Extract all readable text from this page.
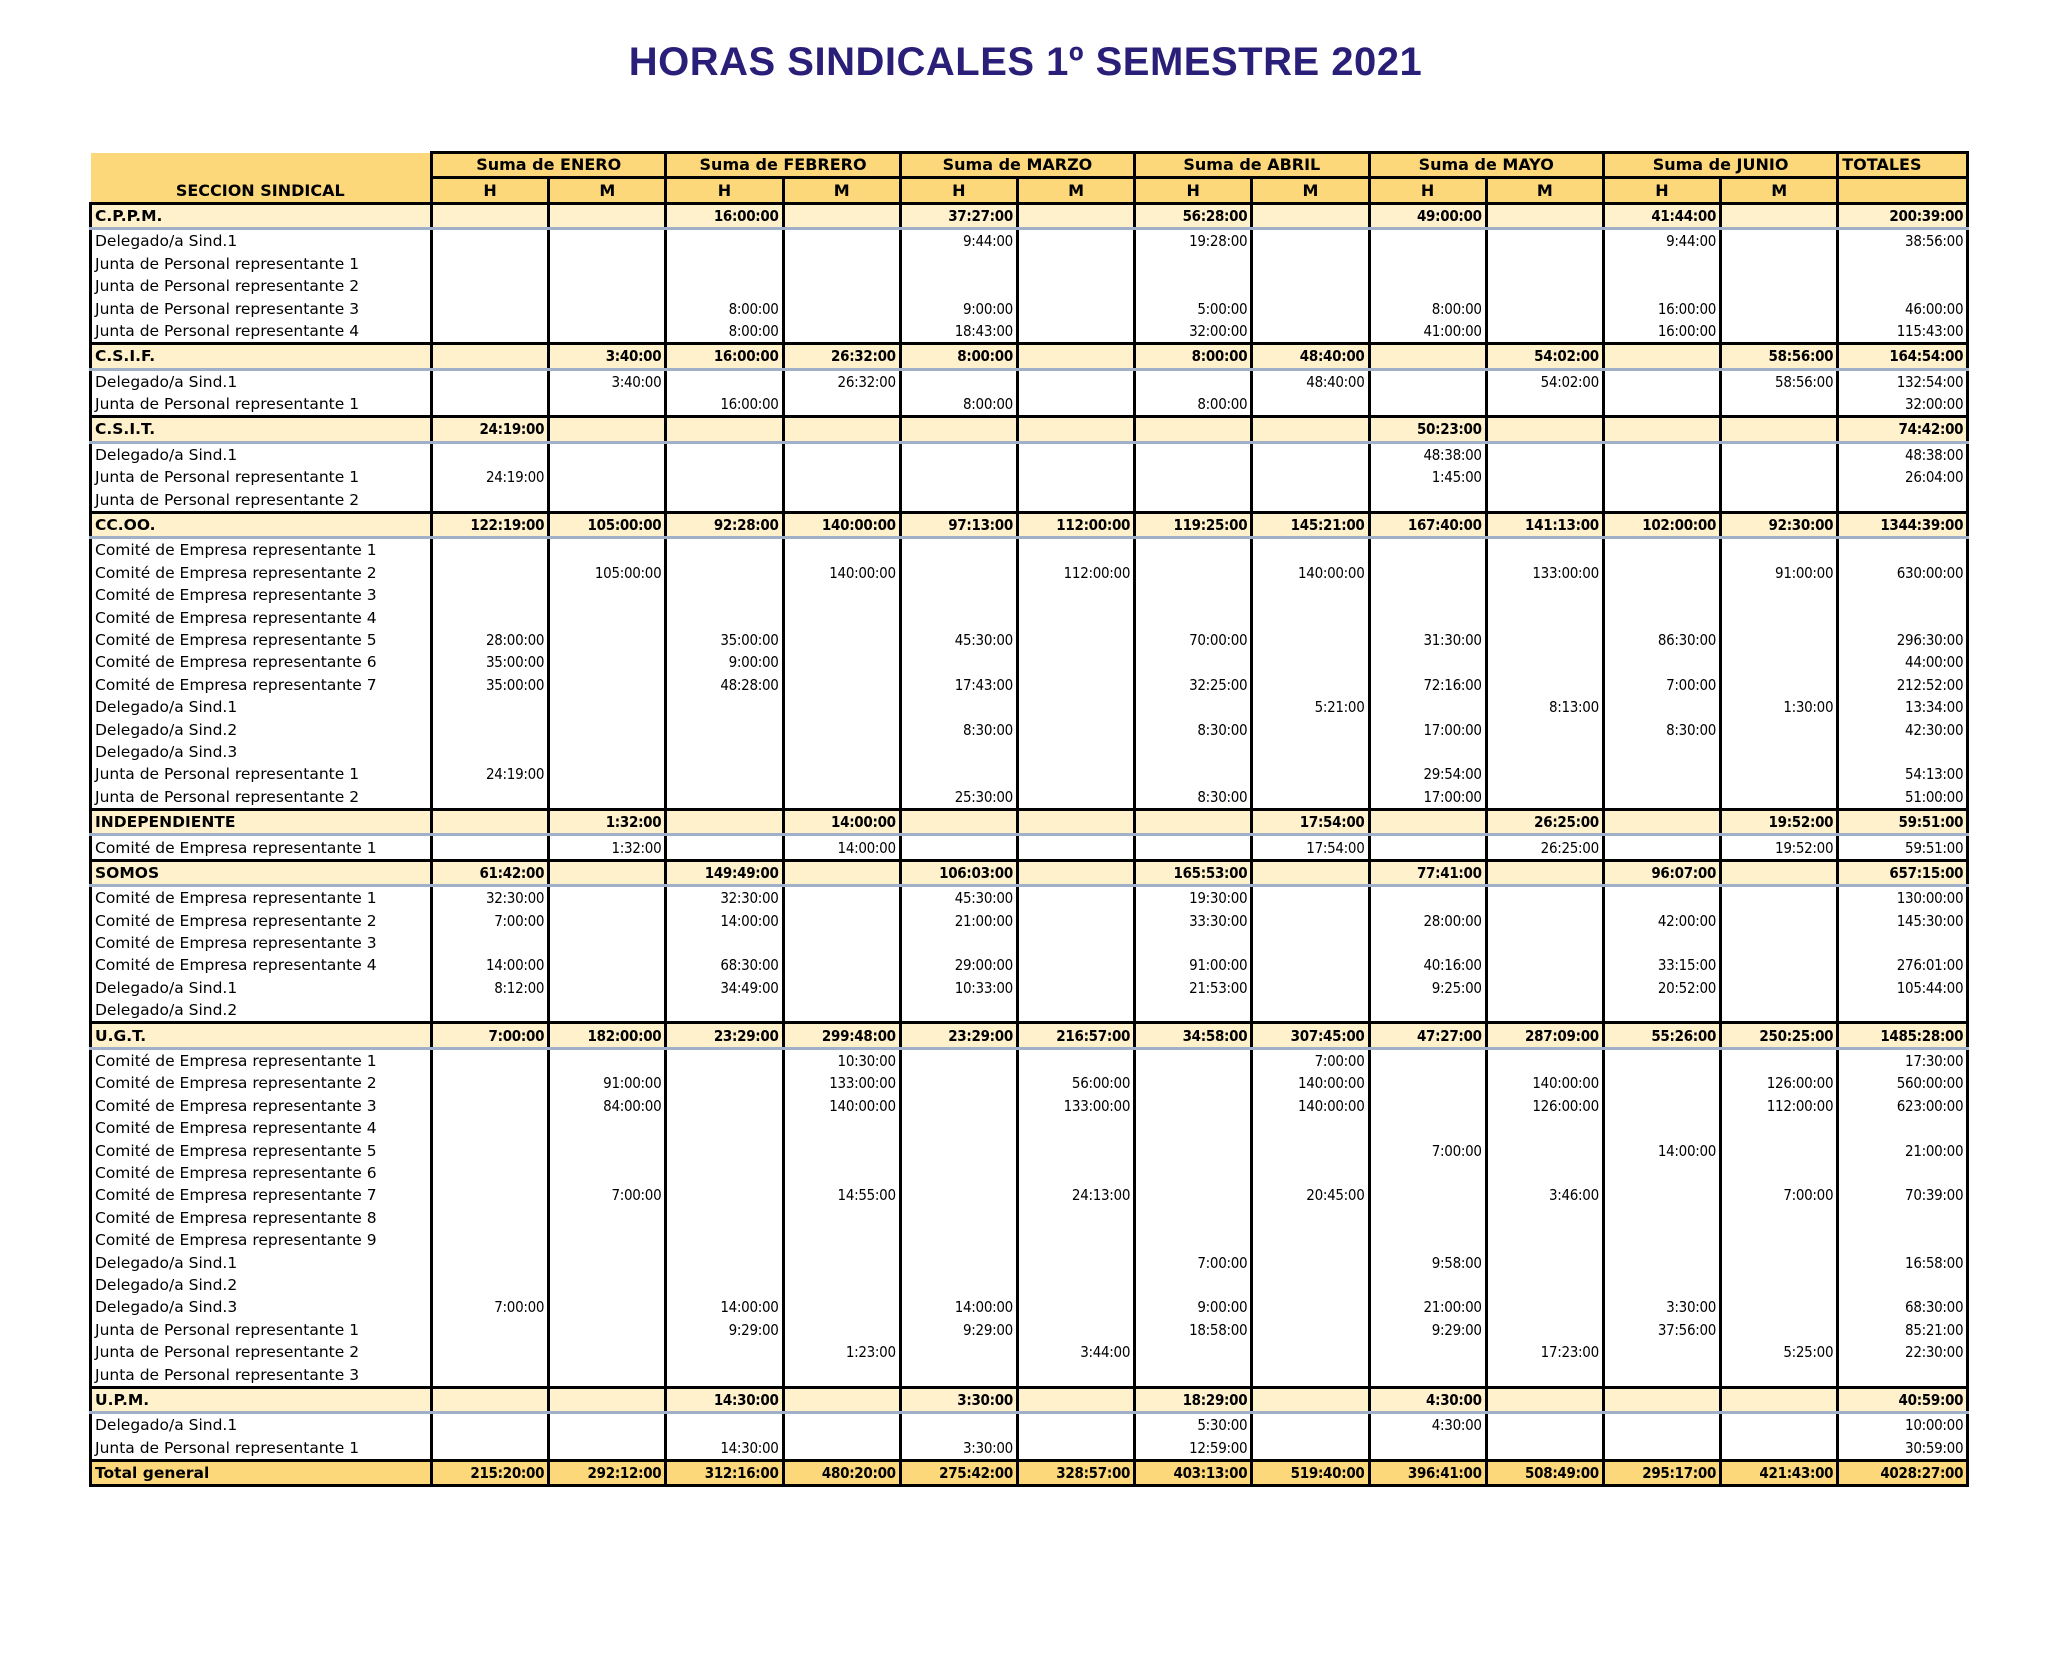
HORAS SINDICALES 1º SEMESTRE 2021
SECCION SINDICAL	Suma de ENERO		Suma de FEBRERO		Suma de MARZO		Suma de ABRIL		Suma de MAYO		Suma de JUNIO		TOTALES
	H	M	H	M	H	M	H	M	H	M	H	M	
C.P.P.M.			16:00:00		37:27:00		56:28:00		49:00:00		41:44:00		200:39:00
Delegado/a Sind.1					9:44:00		19:28:00				9:44:00		38:56:00
Junta de Personal representante 1													
Junta de Personal representante 2													
Junta de Personal representante 3			8:00:00		9:00:00		5:00:00		8:00:00		16:00:00		46:00:00
Junta de Personal representante 4			8:00:00		18:43:00		32:00:00		41:00:00		16:00:00		115:43:00
C.S.I.F.		3:40:00	16:00:00	26:32:00	8:00:00		8:00:00	48:40:00		54:02:00		58:56:00	164:54:00
Delegado/a Sind.1		3:40:00		26:32:00				48:40:00		54:02:00		58:56:00	132:54:00
Junta de Personal representante 1			16:00:00		8:00:00		8:00:00						32:00:00
C.S.I.T.	24:19:00								50:23:00				74:42:00
Delegado/a Sind.1									48:38:00				48:38:00
Junta de Personal representante 1	24:19:00								1:45:00				26:04:00
Junta de Personal representante 2													
CC.OO.	122:19:00	105:00:00	92:28:00	140:00:00	97:13:00	112:00:00	119:25:00	145:21:00	167:40:00	141:13:00	102:00:00	92:30:00	1344:39:00
Comité de Empresa representante 1													
Comité de Empresa representante 2		105:00:00		140:00:00		112:00:00		140:00:00		133:00:00		91:00:00	630:00:00
Comité de Empresa representante 3													
Comité de Empresa representante 4													
Comité de Empresa representante 5	28:00:00		35:00:00		45:30:00		70:00:00		31:30:00		86:30:00		296:30:00
Comité de Empresa representante 6	35:00:00		9:00:00										44:00:00
Comité de Empresa representante 7	35:00:00		48:28:00		17:43:00		32:25:00		72:16:00		7:00:00		212:52:00
Delegado/a Sind.1								5:21:00		8:13:00		1:30:00	13:34:00
Delegado/a Sind.2					8:30:00		8:30:00		17:00:00		8:30:00		42:30:00
Delegado/a Sind.3													
Junta de Personal representante 1	24:19:00								29:54:00				54:13:00
Junta de Personal representante 2					25:30:00		8:30:00		17:00:00				51:00:00
INDEPENDIENTE		1:32:00		14:00:00				17:54:00		26:25:00		19:52:00	59:51:00
Comité de Empresa representante 1		1:32:00		14:00:00				17:54:00		26:25:00		19:52:00	59:51:00
SOMOS	61:42:00		149:49:00		106:03:00		165:53:00		77:41:00		96:07:00		657:15:00
Comité de Empresa representante 1	32:30:00		32:30:00		45:30:00		19:30:00						130:00:00
Comité de Empresa representante 2	7:00:00		14:00:00		21:00:00		33:30:00		28:00:00		42:00:00		145:30:00
Comité de Empresa representante 3													
Comité de Empresa representante 4	14:00:00		68:30:00		29:00:00		91:00:00		40:16:00		33:15:00		276:01:00
Delegado/a Sind.1	8:12:00		34:49:00		10:33:00		21:53:00		9:25:00		20:52:00		105:44:00
Delegado/a Sind.2													
U.G.T.	7:00:00	182:00:00	23:29:00	299:48:00	23:29:00	216:57:00	34:58:00	307:45:00	47:27:00	287:09:00	55:26:00	250:25:00	1485:28:00
Comité de Empresa representante 1				10:30:00				7:00:00					17:30:00
Comité de Empresa representante 2		91:00:00		133:00:00		56:00:00		140:00:00		140:00:00		126:00:00	560:00:00
Comité de Empresa representante 3		84:00:00		140:00:00		133:00:00		140:00:00		126:00:00		112:00:00	623:00:00
Comité de Empresa representante 4													
Comité de Empresa representante 5									7:00:00		14:00:00		21:00:00
Comité de Empresa representante 6													
Comité de Empresa representante 7		7:00:00		14:55:00		24:13:00		20:45:00		3:46:00		7:00:00	70:39:00
Comité de Empresa representante 8													
Comité de Empresa representante 9													
Delegado/a Sind.1							7:00:00		9:58:00				16:58:00
Delegado/a Sind.2													
Delegado/a Sind.3	7:00:00		14:00:00		14:00:00		9:00:00		21:00:00		3:30:00		68:30:00
Junta de Personal representante 1			9:29:00		9:29:00		18:58:00		9:29:00		37:56:00		85:21:00
Junta de Personal representante 2				1:23:00		3:44:00				17:23:00		5:25:00	22:30:00
Junta de Personal representante 3													
U.P.M.			14:30:00		3:30:00		18:29:00		4:30:00				40:59:00
Delegado/a Sind.1							5:30:00		4:30:00				10:00:00
Junta de Personal representante 1			14:30:00		3:30:00		12:59:00						30:59:00
Total general	215:20:00	292:12:00	312:16:00	480:20:00	275:42:00	328:57:00	403:13:00	519:40:00	396:41:00	508:49:00	295:17:00	421:43:00	4028:27:00
